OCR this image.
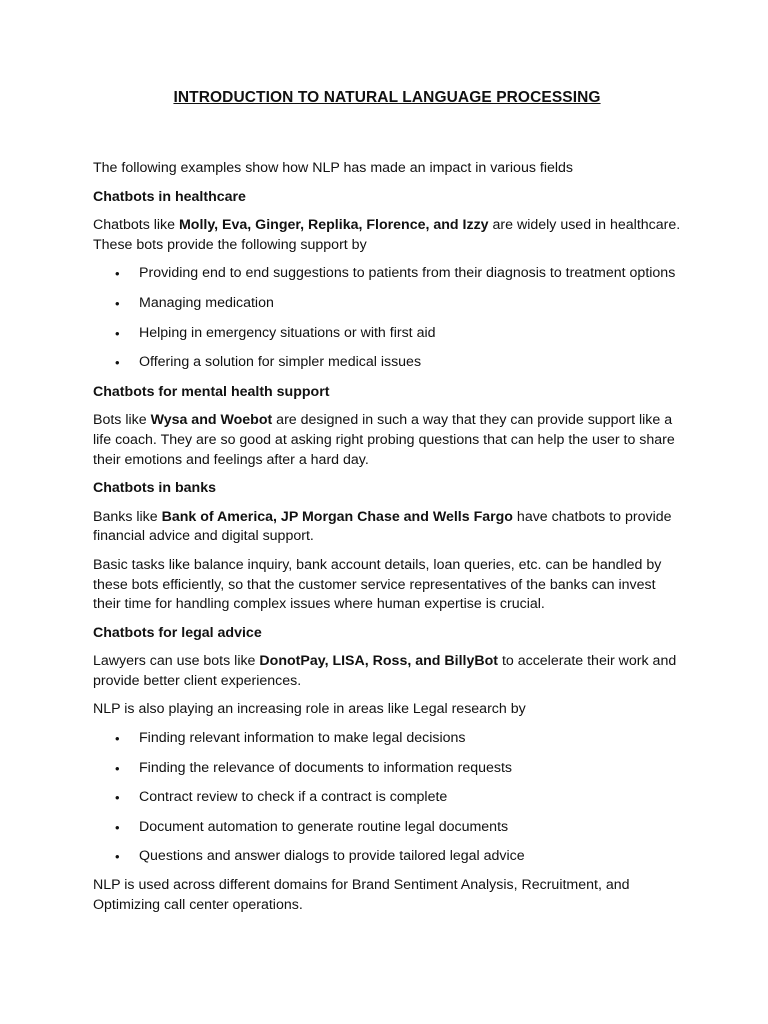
INTRODUCTION TO NATURAL LANGUAGE PROCESSING

The following examples show how NLP has made an impact in various fields

Chatbots in healthcare

Chatbots like Molly, Eva, Ginger, Replika, Florence, and Izzy are widely used in healthcare. These bots provide the following support by

• Providing end to end suggestions to patients from their diagnosis to treatment options
• Managing medication
• Helping in emergency situations or with first aid
• Offering a solution for simpler medical issues

Chatbots for mental health support

Bots like Wysa and Woebot are designed in such a way that they can provide support like a life coach. They are so good at asking right probing questions that can help the user to share their emotions and feelings after a hard day.

Chatbots in banks

Banks like Bank of America, JP Morgan Chase and Wells Fargo have chatbots to provide financial advice and digital support.

Basic tasks like balance inquiry, bank account details, loan queries, etc. can be handled by these bots efficiently, so that the customer service representatives of the banks can invest their time for handling complex issues where human expertise is crucial.

Chatbots for legal advice

Lawyers can use bots like DonotPay, LISA, Ross, and BillyBot to accelerate their work and provide better client experiences.

NLP is also playing an increasing role in areas like Legal research by

• Finding relevant information to make legal decisions
• Finding the relevance of documents to information requests
• Contract review to check if a contract is complete
• Document automation to generate routine legal documents
• Questions and answer dialogs to provide tailored legal advice

NLP is used across different domains for Brand Sentiment Analysis, Recruitment, and Optimizing call center operations.
